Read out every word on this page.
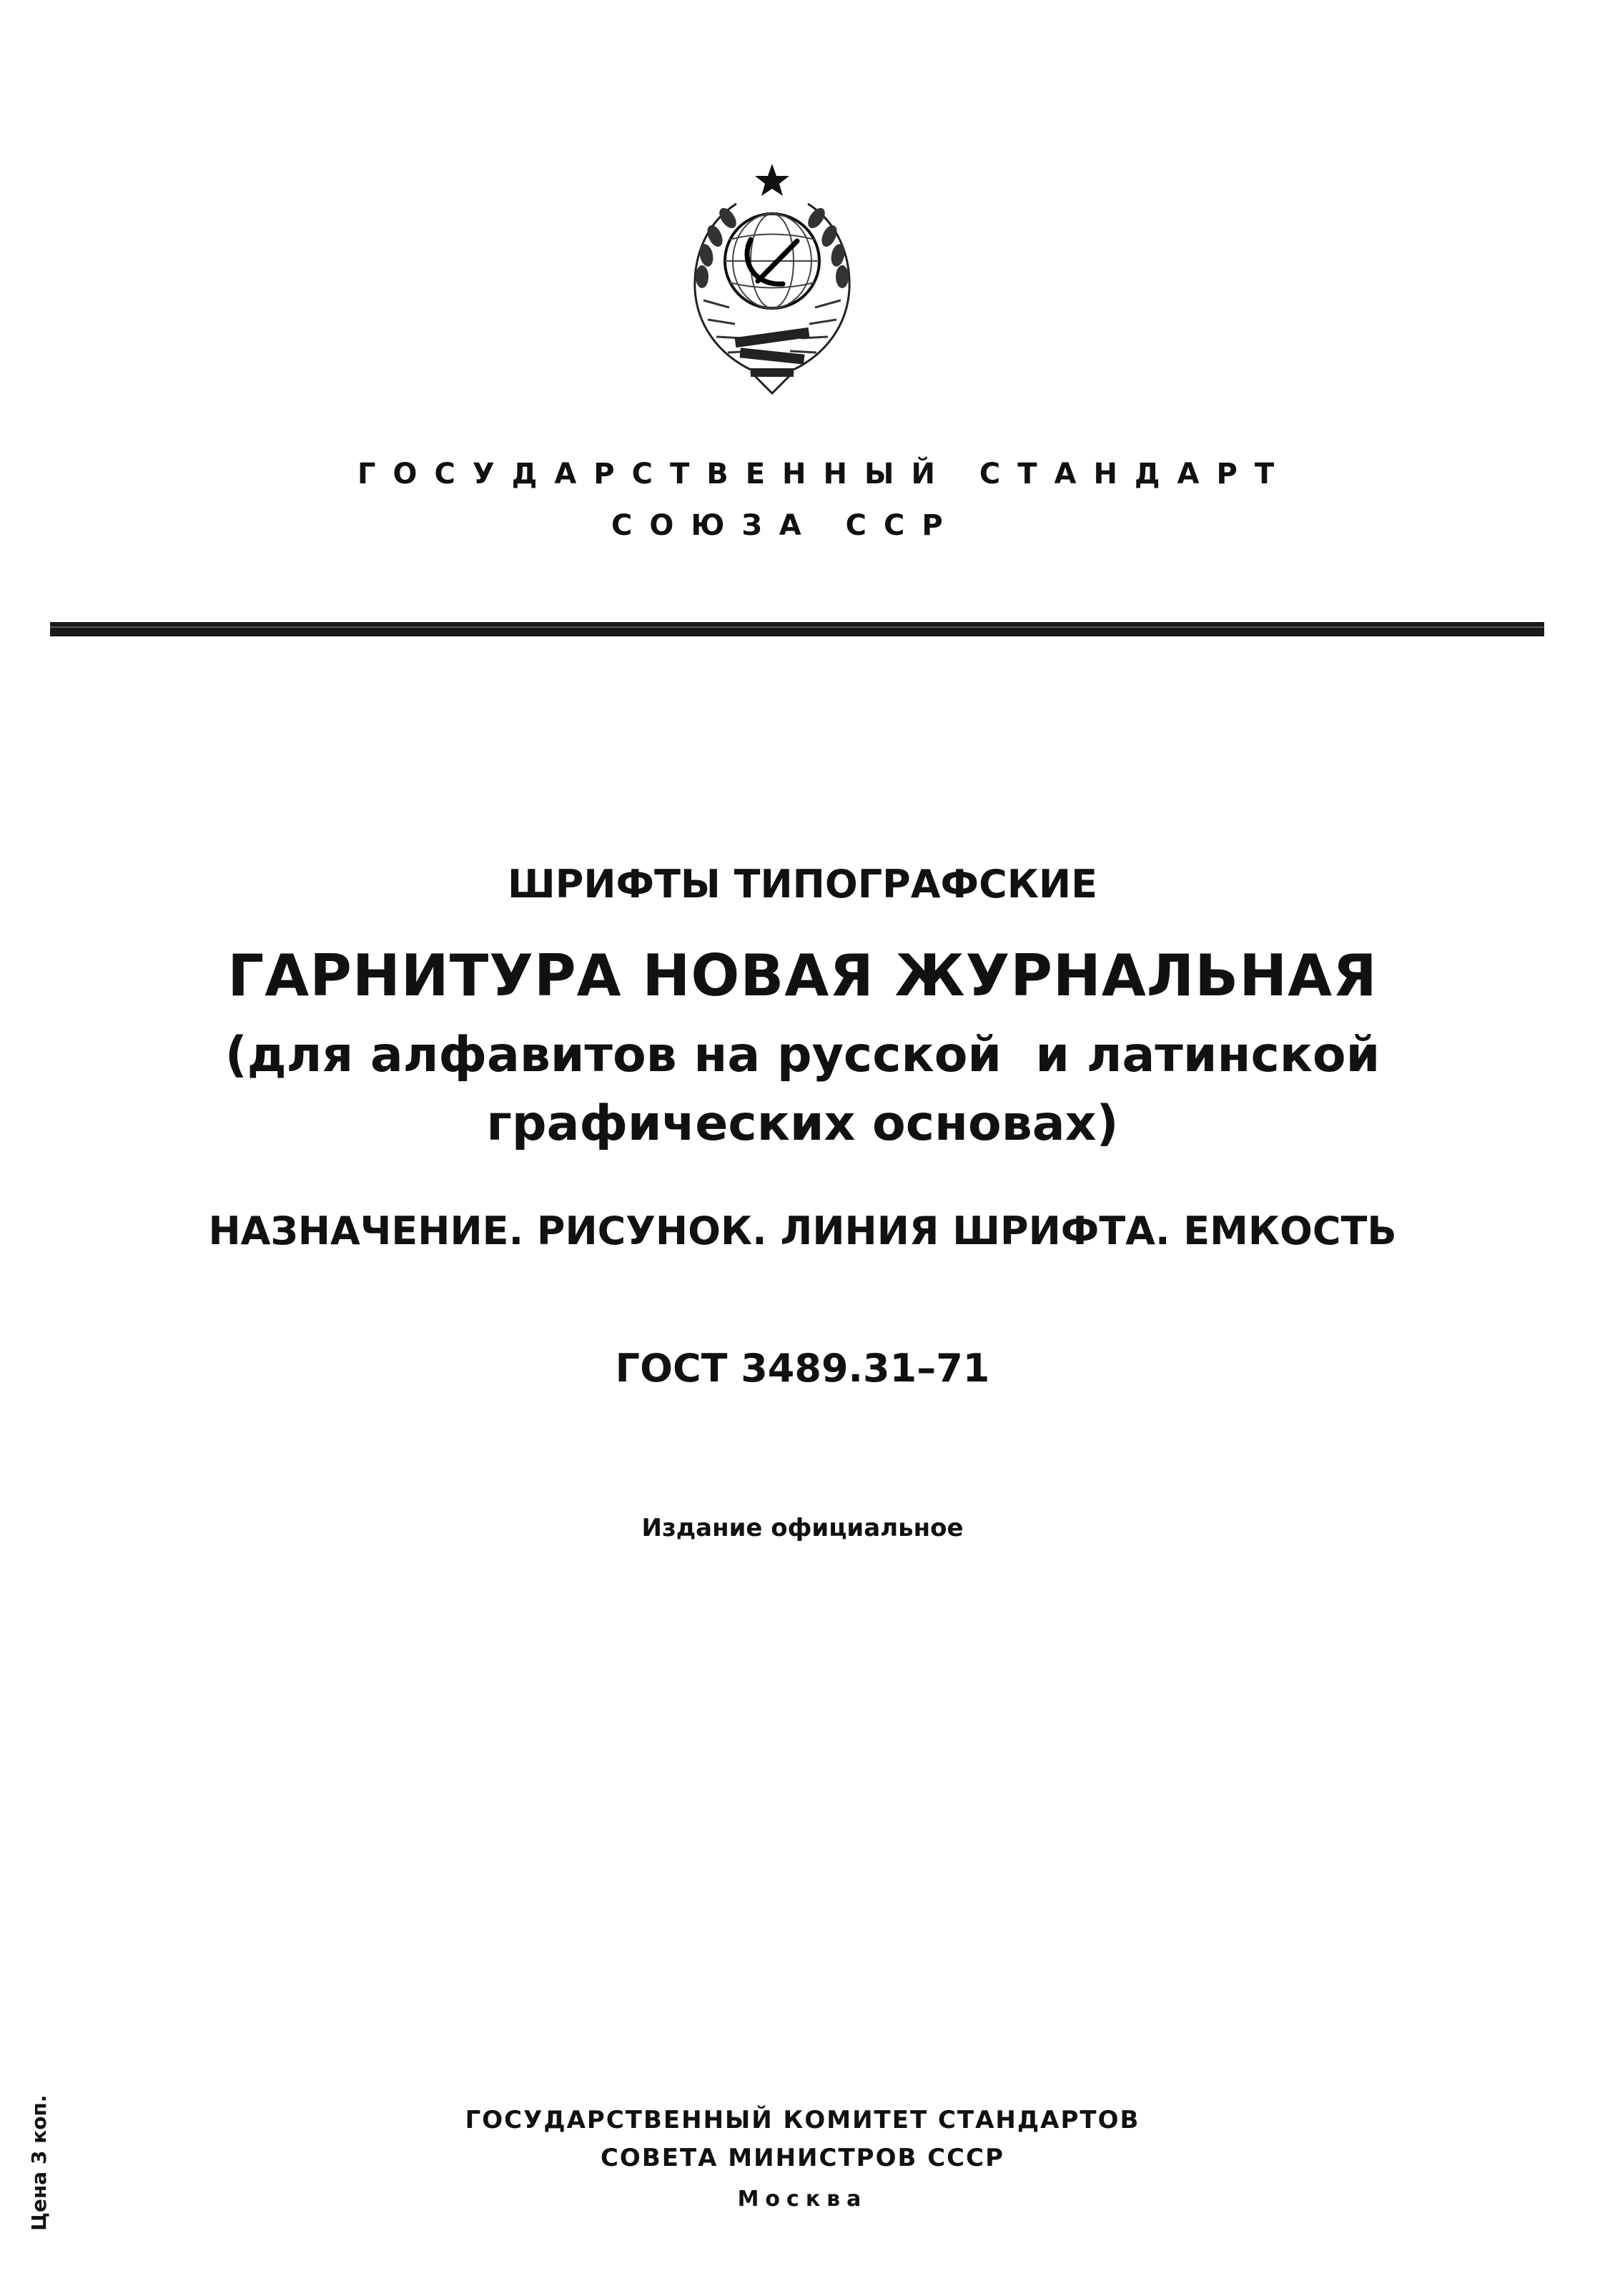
ГОСУДАРСТВЕННЫЙ СТАНДАРТ
СОЮЗА ССР
ШРИФТЫ ТИПОГРАФСКИЕ
ГАРНИТУРА НОВАЯ ЖУРНАЛЬНАЯ
(для алфавитов на русской  и латинской
графических основах)
НАЗНАЧЕНИЕ. РИСУНОК. ЛИНИЯ ШРИФТА. ЕМКОСТЬ
ГОСТ 3489.31–71
Издание официальное
Цена 3 коп.	ГОСУДАРСТВЕННЫЙ КОМИТЕТ СТАНДАРТОВ
СОВЕТА МИНИСТРОВ СССР
Москва
